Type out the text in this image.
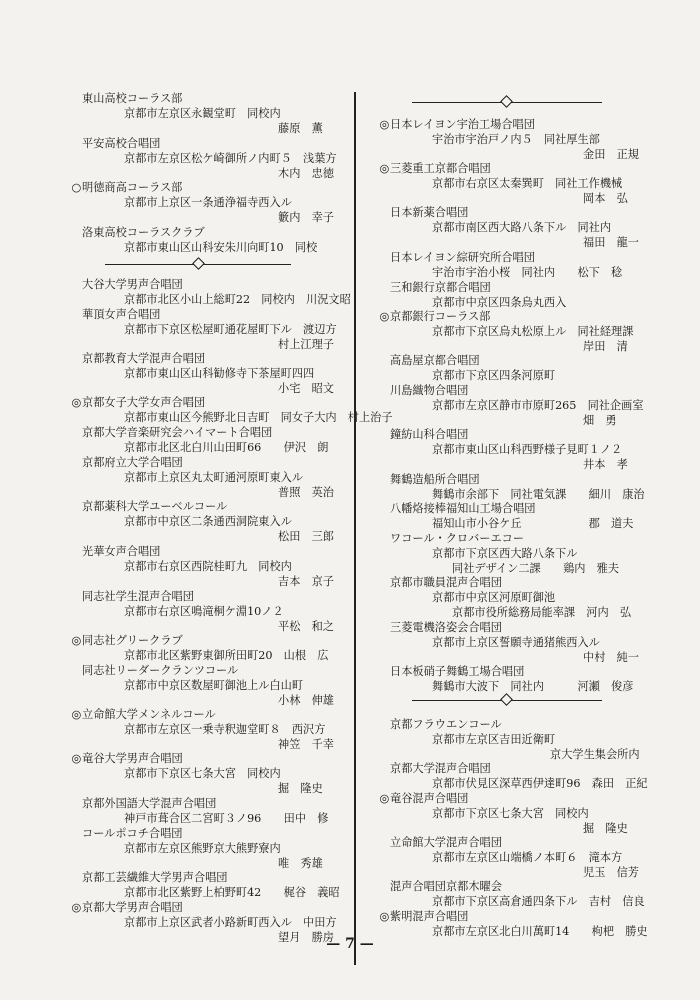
東山高校コーラス部
京都市左京区永観堂町　同校内
藤原　薫
平安高校合唱団
京都市左京区松ケ崎御所ノ内町５　浅葉方
木内　忠徳
○明徳商高コーラス部
京都市上京区一条通浄福寺西入ル
籔内　幸子
洛東高校コーラスクラブ
京都市東山区山科安朱川向町10　同校
大谷大学男声合唱団
京都市北区小山上総町22　同校内　川況文昭
華頂女声合唱団
京都市下京区松屋町通花屋町下ル　渡辺方
村上江理子
京都教育大学混声合唱団
京都市東山区山科勧修寺下茶屋町四四
小宅　昭文
◎京都女子大学女声合唱団
京都市東山区今熊野北日吉町　同女子大内　村上治子
京都大学音楽研究会ハイマート合唱団
京都市北区北白川山田町66　　伊沢　朗
京都府立大学合唱団
京都市上京区丸太町通河原町東入ル
普照　英治
京都薬科大学ユーベルコール
京都市中京区二条通西洞院東入ル
松田　三郎
光華女声合唱団
京都市右京区西院桂町九　同校内
吉本　京子
同志社学生混声合唱団
京都市右京区鳴滝桐ケ淵10ノ２
平松　和之
◎同志社グリークラブ
京都市北区紫野東御所田町20　山根　広
同志社リーダークランツコール
京都市中京区数屋町御池上ル白山町
小林　伸雄
◎立命館大学メンネルコール
京都市左京区一乗寺釈迦堂町８　西沢方
神笠　千幸
◎竜谷大学男声合唱団
京都市下京区七条大宮　同校内
掘　隆史
京都外国語大学混声合唱団
神戸市葺合区二宮町３ノ96　　田中　修
コールポコチ合唱団
京都市左京区熊野京大熊野寮内
唯　秀雄
京都工芸繊維大学男声合唱団
京都市北区紫野上柏野町42　　梶谷　義昭
◎京都大学男声合唱団
京都市上京区武者小路新町西入ル　中田方
望月　勝房
◎日本レイヨン宇治工場合唱団
宇治市宇治戸ノ内５　同社厚生部
金田　正規
◎三菱重工京都合唱団
京都市右京区太秦巽町　同社工作機械
岡本　弘
日本新薬合唱団
京都市南区西大路八条下ル　同社内
福田　龍一
日本レイヨン綜研究所合唱団
宇治市宇治小桜　同社内　　松下　稔
三和銀行京都合唱団
京都市中京区四条烏丸西入
◎京都銀行コーラス部
京都市下京区烏丸松原上ル　同社経理課
岸田　清
高島屋京都合唱団
京都市下京区四条河原町
川島織物合唱団
京都市左京区静市市原町265　同社企画室
畑　勇
鐘紡山科合唱団
京都市東山区山科西野様子見町１ノ２
井本　孝
舞鶴造船所合唱団
舞鶴市余部下　同社電気課　　細川　康治
八幡烙接棒福知山工場合唱団
福知山市小谷ケ丘　　　　　　郡　道夫
ワコール・クロバーエコー
京都市下京区西大路八条下ル
同社デザイン二課　　鶏内　雅夫
京都市職員混声合唱団
京都市中京区河原町御池
京都市役所総務局能率課　河内　弘
三菱電機洛姿会合唱団
京都市上京区誓願寺通猪熊西入ル
中村　純一
日本板硝子舞鶴工場合唱団
舞鶴市大波下　同社内　　　河瀬　俊彦
京都フラウエンコール
京都市左京区吉田近衛町
京大学生集会所内
京都大学混声合唱団
京都市伏見区深草西伊達町96　森田　正紀
◎竜谷混声合唱団
京都市下京区七条大宮　同校内
掘　隆史
立命館大学混声合唱団
京都市左京区山端橋ノ本町６　滝本方
児玉　信芳
混声合唱団京都木曜会
京都市下京区高倉通四条下ル　吉村　信良
◎紫明混声合唱団
京都市左京区北白川萬町14　　枸杷　勝史
— 7 —
